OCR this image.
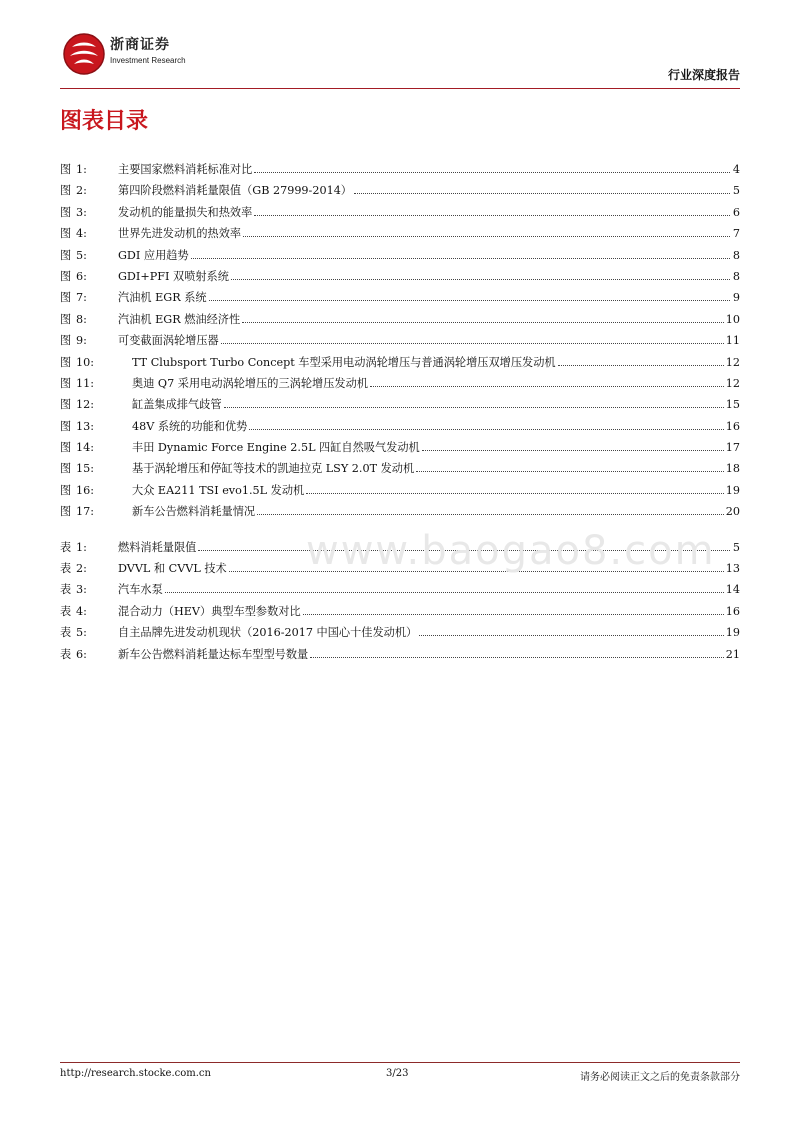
浙商证券
Investment Research
行业深度报告
图表目录
图 1:	主要国家燃料消耗标准对比	4
图 2:	第四阶段燃料消耗量限值（GB 27999-2014）	5
图 3:	发动机的能量损失和热效率	6
图 4:	世界先进发动机的热效率	7
图 5:	GDI 应用趋势	8
图 6:	GDI+PFI 双喷射系统	8
图 7:	汽油机 EGR 系统	9
图 8:	汽油机 EGR 燃油经济性	10
图 9:	可变截面涡轮增压器	11
图 10:	TT Clubsport Turbo Concept 车型采用电动涡轮增压与普通涡轮增压双增压发动机	12
图 11:	奥迪 Q7 采用电动涡轮增压的三涡轮增压发动机	12
图 12:	缸盖集成排气歧管	15
图 13:	48V 系统的功能和优势	16
图 14:	丰田 Dynamic Force Engine 2.5L 四缸自然吸气发动机	17
图 15:	基于涡轮增压和停缸等技术的凯迪拉克 LSY 2.0T 发动机	18
图 16:	大众 EA211 TSI evo1.5L 发动机	19
图 17:	新车公告燃料消耗量情况	20
表 1:	燃料消耗量限值	5
表 2:	DVVL 和 CVVL 技术	13
表 3:	汽车水泵	14
表 4:	混合动力（HEV）典型车型参数对比	16
表 5:	自主品牌先进发动机现状（2016-2017 中国心十佳发动机）	19
表 6:	新车公告燃料消耗量达标车型型号数量	21
www.baogao8.com
http://research.stocke.com.cn	3/23	请务必阅读正文之后的免责条款部分
